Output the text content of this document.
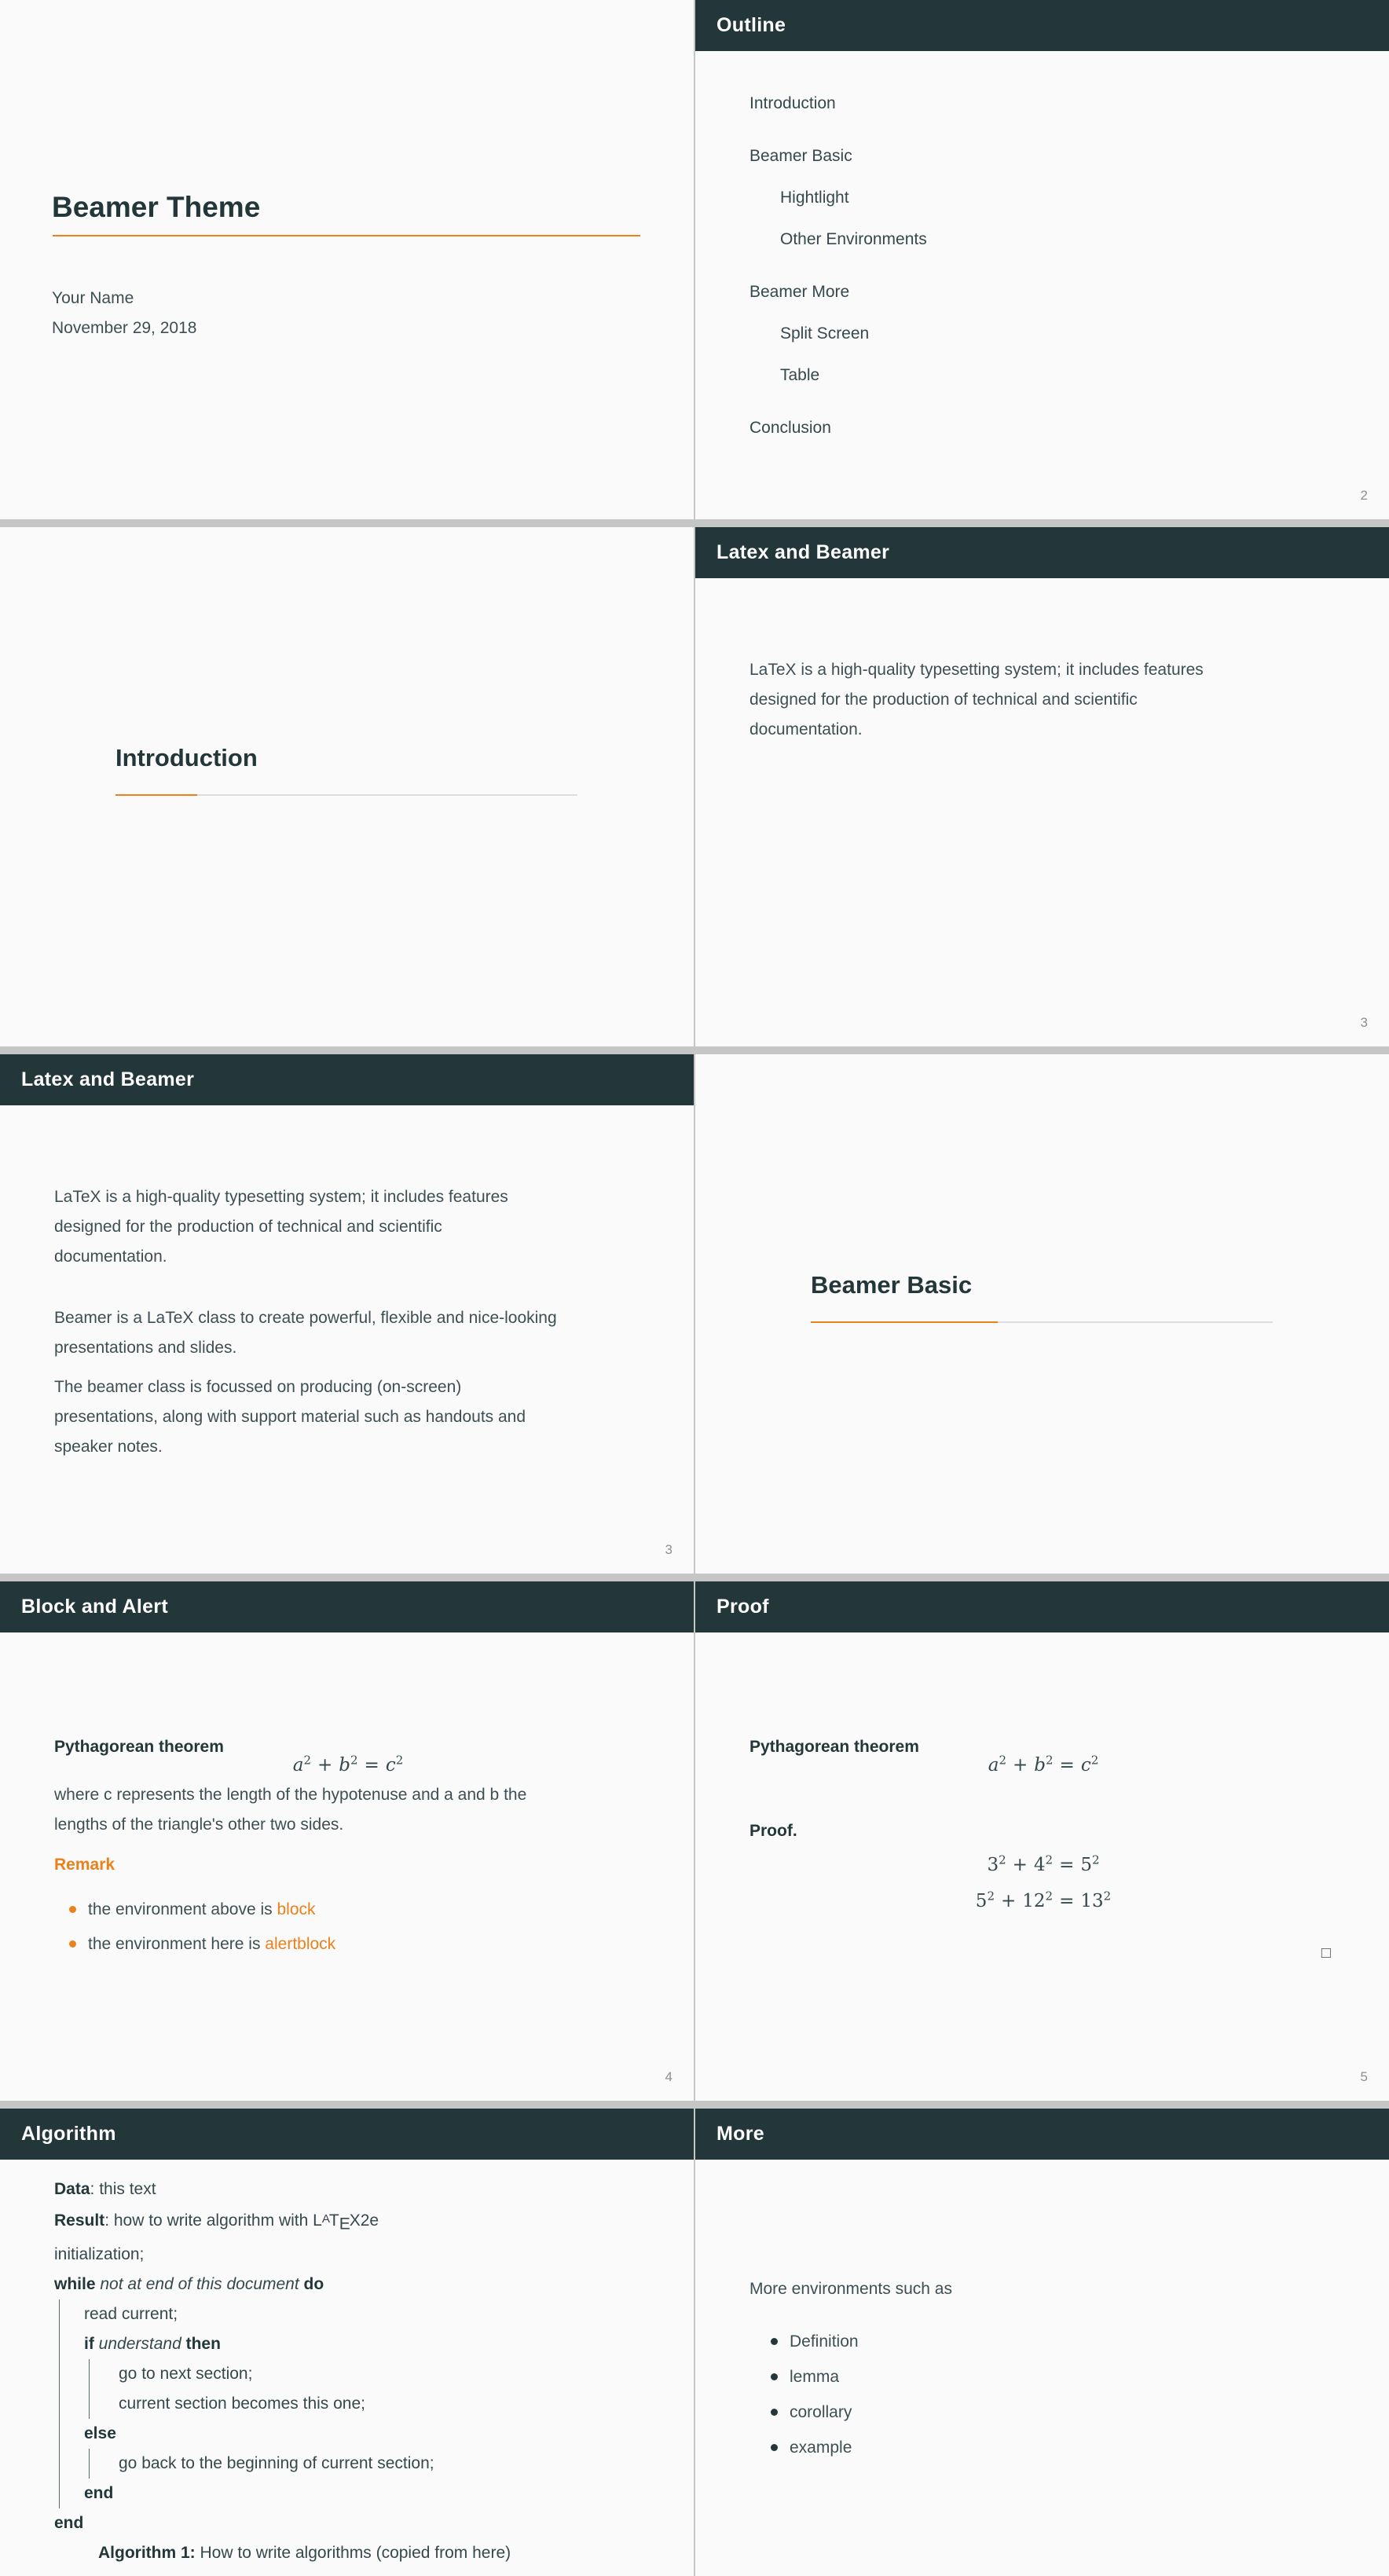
Beamer Theme
Your Name
November 29, 2018
Outline
Introduction
Beamer Basic
Hightlight
Other Environments
Beamer More
Split Screen
Table
Conclusion
2
Introduction
Latex and Beamer

LaTeX is a high-quality typesetting system; it includes features designed for the production of technical and scientific documentation.

3
Latex and Beamer

LaTeX is a high-quality typesetting system; it includes features designed for the production of technical and scientific documentation.

Beamer is a LaTeX class to create powerful, flexible and nice-looking presentations and slides.

The beamer class is focussed on producing (on-screen) presentations, along with support material such as handouts and speaker notes.

3
Beamer Basic
Block and Alert
Pythagorean theorem
$a^2 + b^2 = c^2$
where c represents the length of the hypotenuse and a and b the lengths of the triangle's other two sides.
Remark
the environment above is block
the environment here is alertblock
4
Proof
Pythagorean theorem
$a^2 + b^2 = c^2$
Proof.
$3^2 + 4^2 = 5^2$
$5^2 + 12^2 = 13^2$
□
5
Algorithm
Data: this text
Result: how to write algorithm with $L^ATEX2e$
initialization;
while not at end of this document do
read current;
if understand then
go to next section;
current section becomes this one;
else
go back to the beginning of current section;
end
end
Algorithm 1: How to write algorithms (copied from here)
More
More environments such as
Definition
lemma
corollary
example
